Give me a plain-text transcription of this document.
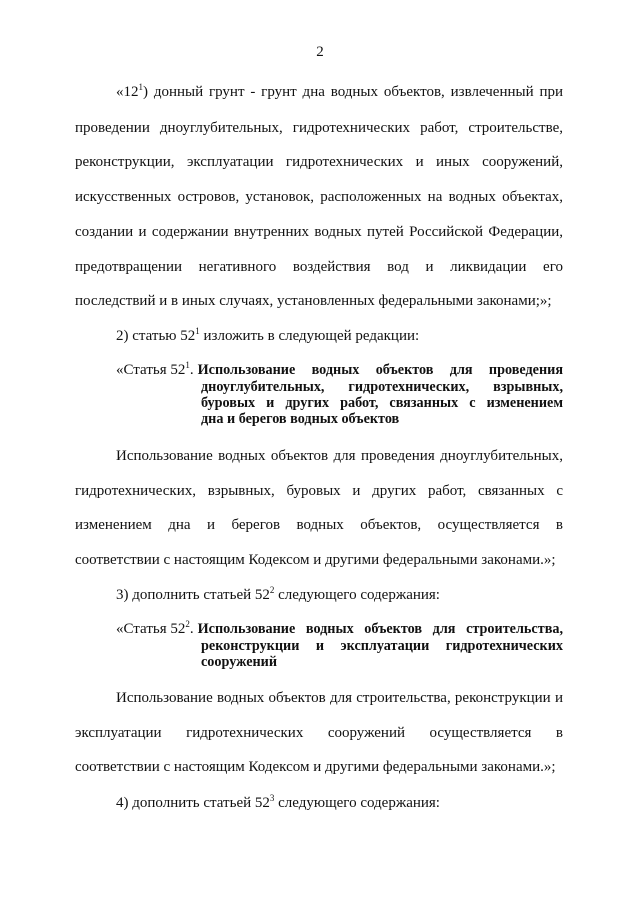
2

«$12^1$) донный грунт - грунт дна водных объектов, извлеченный при

проведении дноуглубительных, гидротехнических работ, строительстве,

реконструкции, эксплуатации гидротехнических и иных сооружений,

искусственных островов, установок, расположенных на водных объектах,

создании и содержании внутренних водных путей Российской Федерации,

предотвращении негативного воздействия вод и ликвидации его

последствий и в иных случаях, установленных федеральными законами;»;

2) статью $52^1$ изложить в следующей редакции:

«Статья $52^1$. Использование водных объектов для проведения
дноуглубительных, гидротехнических, взрывных,
буровых и других работ, связанных с изменением
дна и берегов водных объектов

Использование водных объектов для проведения дноуглубительных,

гидротехнических, взрывных, буровых и других работ, связанных с

изменением дна и берегов водных объектов, осуществляется в

соответствии с настоящим Кодексом и другими федеральными законами.»;

3) дополнить статьей $52^2$ следующего содержания:

«Статья $52^2$. Использование водных объектов для строительства,
реконструкции и эксплуатации гидротехнических
сооружений

Использование водных объектов для строительства, реконструкции и

эксплуатации гидротехнических сооружений осуществляется в

соответствии с настоящим Кодексом и другими федеральными законами.»;

4) дополнить статьей $52^3$ следующего содержания:
